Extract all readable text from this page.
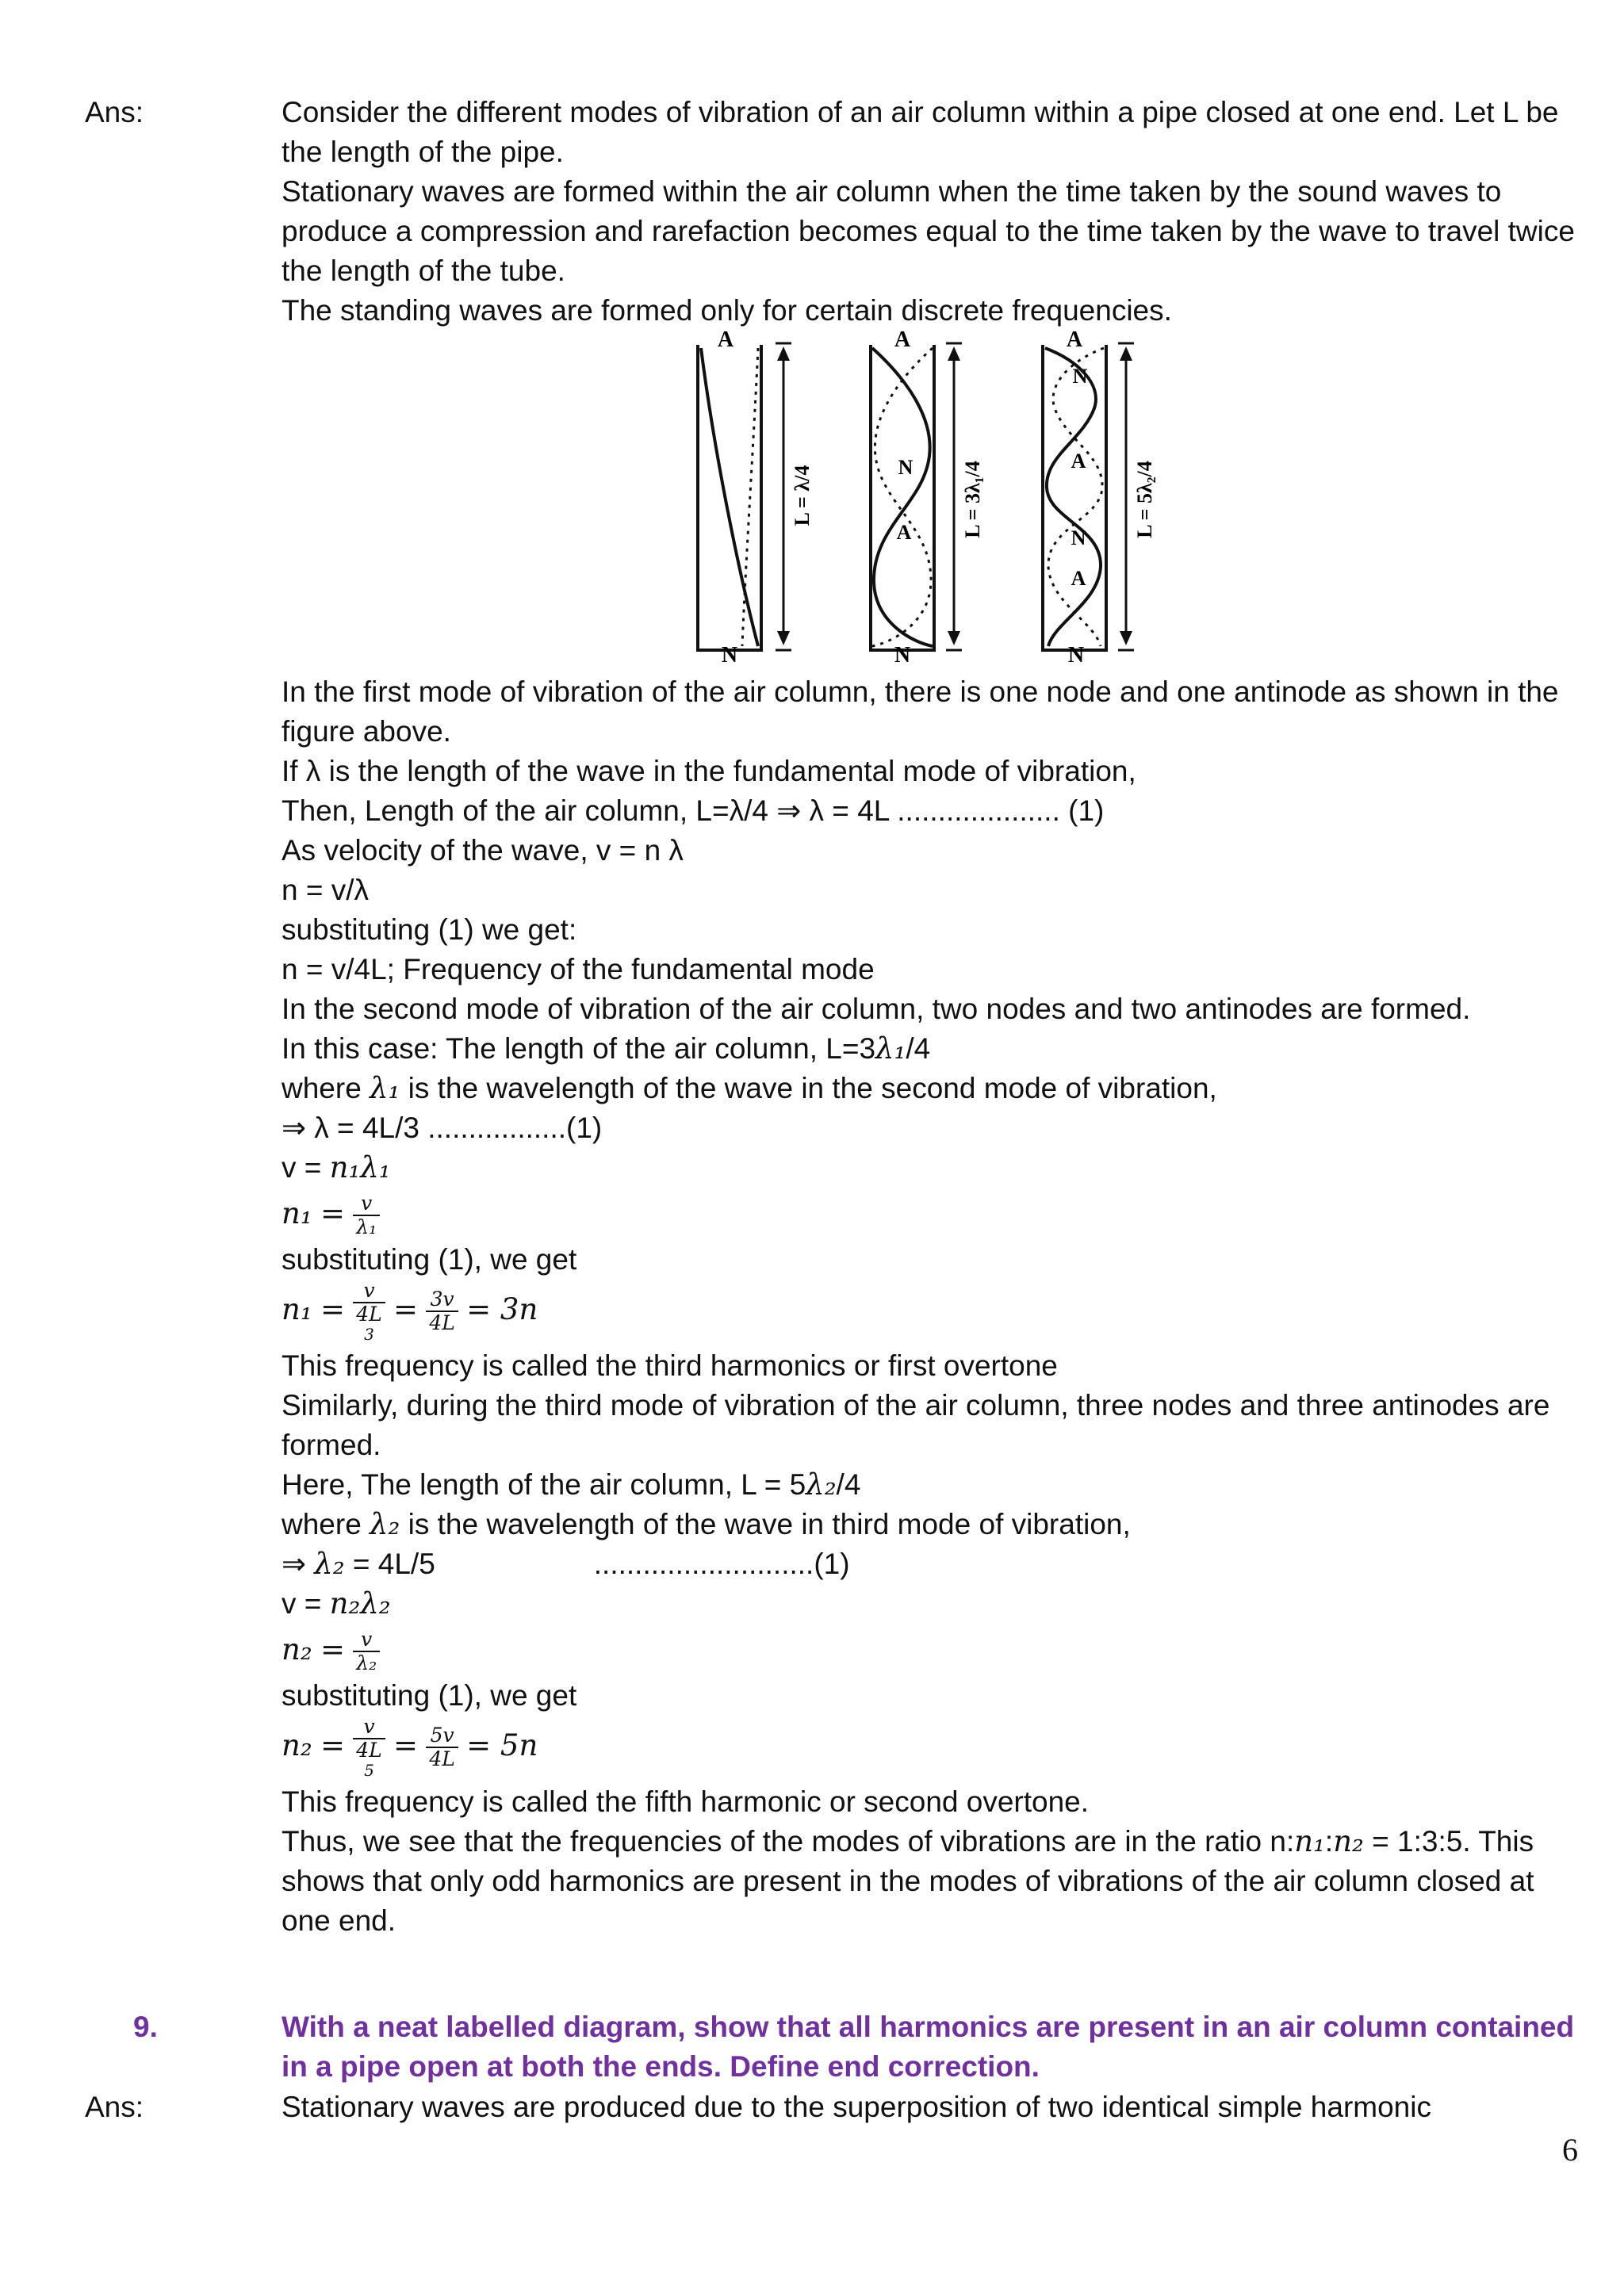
Ans:	Consider the different modes of vibration of an air column within a pipe closed at one end. Let L be the length of the pipe.

Stationary waves are formed within the air column when the time taken by the sound waves to produce a compression and rarefaction becomes equal to the time taken by the wave to travel twice the length of the tube.

The standing waves are formed only for certain discrete frequencies.

A
N
L = λ/4
A
N
A
N
L = 3λ₁/4
A
N
A
N
A
N
L = 5λ₂/4

In the first mode of vibration of the air column, there is one node and one antinode as shown in the figure above.

If λ is the length of the wave in the fundamental mode of vibration,

Then, Length of the air column, L=λ/4 ⇒ λ = 4L .................... (1)

As velocity of the wave, v = n λ

n = v/λ

substituting (1) we get:

n = v/4L; Frequency of the fundamental mode

In the second mode of vibration of the air column, two nodes and two antinodes are formed.

In this case: The length of the air column, L=3λ₁/4

where λ₁ is the wavelength of the wave in the second mode of vibration,

⇒ λ = 4L/3 .................(1)

v = n₁λ₁

$n_1 = \frac{v}{\text{λ₁}}$

substituting (1), we get

n₁ =
v
4L
3
= $\frac{3v}{4L} = 3n$

This frequency is called the third harmonics or first overtone

Similarly, during the third mode of vibration of the air column, three nodes and three antinodes are formed.

Here, The length of the air column, L = 5λ₂/4

where λ₂ is the wavelength of the wave in third mode of vibration,

⇒ λ₂ = 4L/5	...........................(1)

v = n₂λ₂

$n_2 = \frac{v}{\text{λ₂}}$

substituting (1), we get

n₂ =
v
4L
5
= $\frac{5v}{4L} = 5n$

This frequency is called the fifth harmonic or second overtone.

Thus, we see that the frequencies of the modes of vibrations are in the ratio n:n₁:n₂ = 1:3:5. This shows that only odd harmonics are present in the modes of vibrations of the air column closed at one end.

9.	With a neat labelled diagram, show that all harmonics are present in an air column contained in a pipe open at both the ends. Define end correction.

Ans:	Stationary waves are produced due to the superposition of two identical simple harmonic

6
